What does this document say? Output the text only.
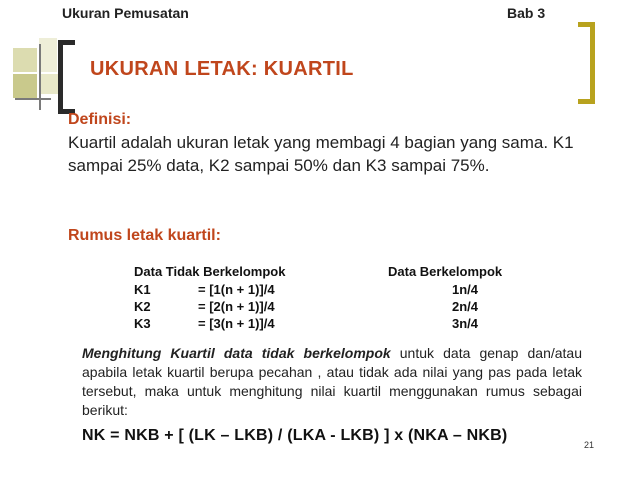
Ukuran Pemusatan	Bab 3
UKURAN LETAK: KUARTIL
Definisi:
Kuartil adalah ukuran letak yang membagi 4 bagian yang sama. K1 sampai 25% data, K2 sampai 50% dan K3 sampai 75%.
Rumus letak kuartil:
Data Tidak Berkelompok	Data Berkelompok
K1	= [1(n + 1)]/4	1n/4
K2	= [2(n + 1)]/4	2n/4
K3	= [3(n + 1)]/4	3n/4
Menghitung Kuartil data tidak berkelompok untuk data genap dan/atau apabila letak kuartil berupa pecahan , atau tidak ada nilai yang pas pada letak tersebut, maka untuk menghitung nilai kuartil menggunakan rumus sebagai berikut:
NK = NKB + [ (LK – LKB) / (LKA - LKB) ] x (NKA – NKB)
21
